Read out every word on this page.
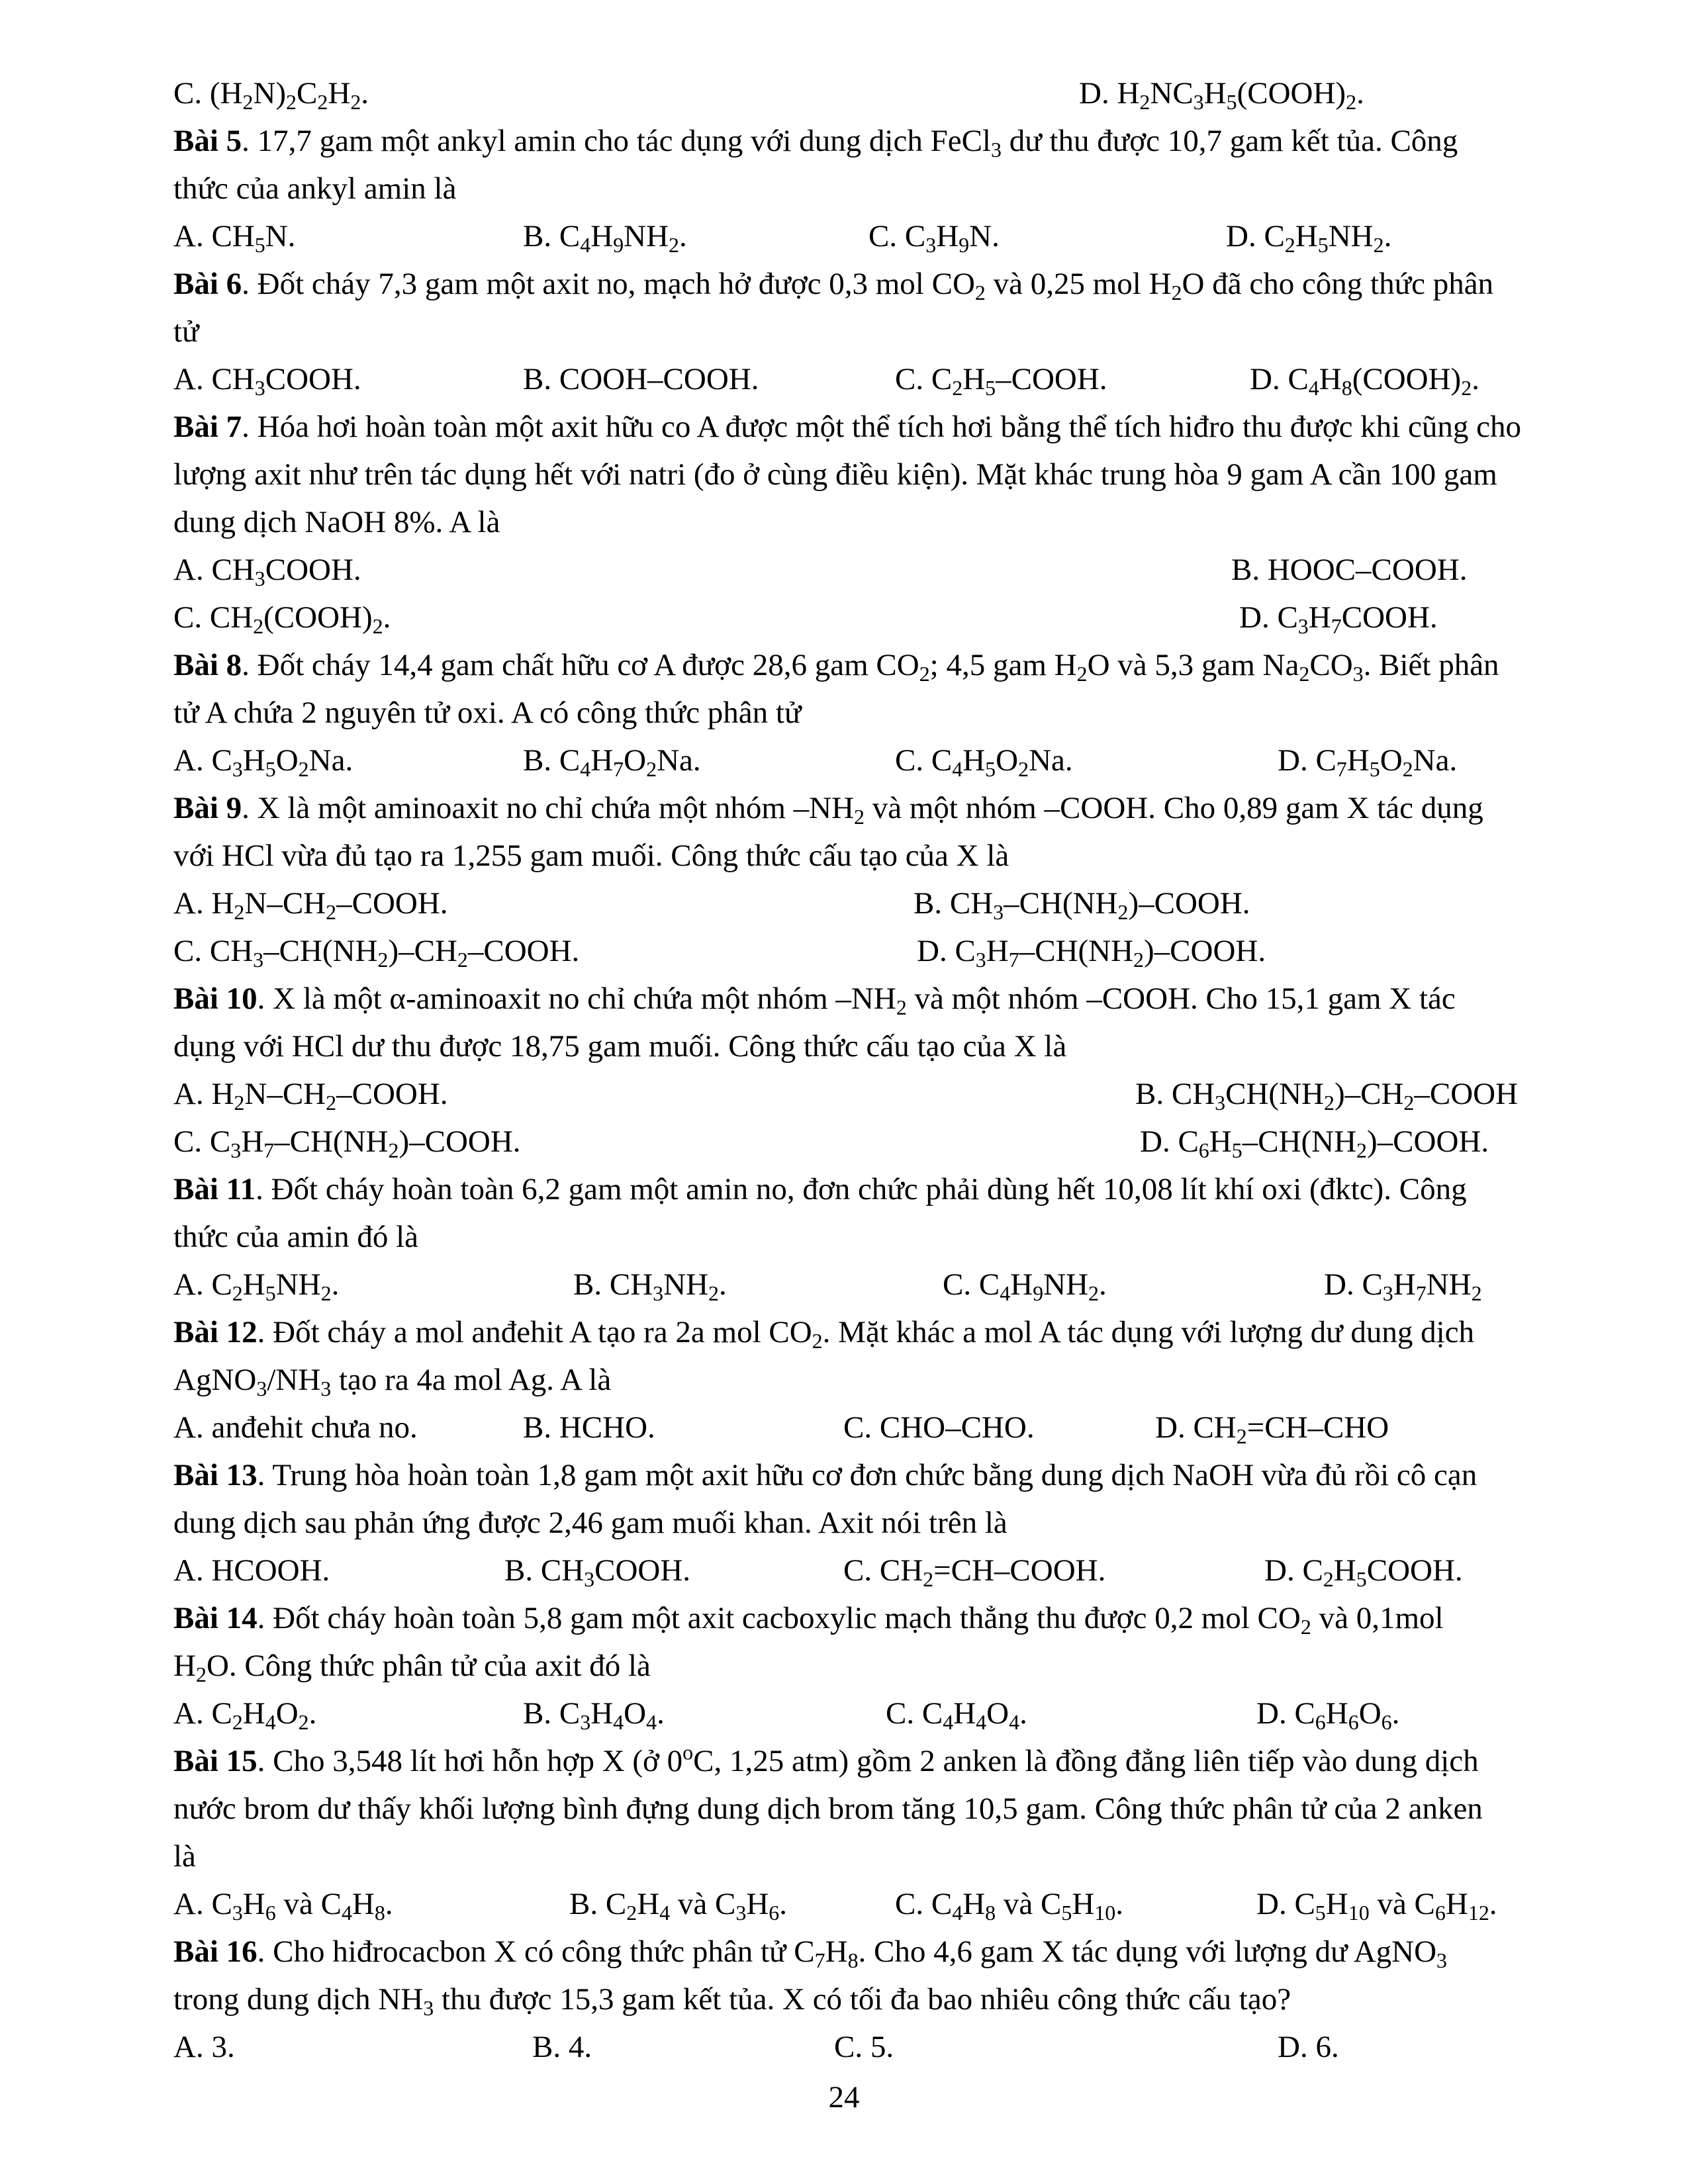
C. $(H_2N)_2C_2H_2$.	D. $H_2NC_3H_5(COOH)_2$.
Bài 5. 17,7 gam một ankyl amin cho tác dụng với dung dịch FeCl$_3$ dư thu được 10,7 gam kết tủa. Công
thức của ankyl amin là
A. $CH_5N$.	B. $C_4H_9NH_2$.	C. $C_3H_9N$.	D. $C_2H_5NH_2$.
Bài 6. Đốt cháy 7,3 gam một axit no, mạch hở được 0,3 mol $CO_2$ và 0,25 mol $H_2O$ đã cho công thức phân
tử
A. $CH_3COOH$.	B. COOH–COOH.	C. $C_2H_5$–COOH.	D. $C_4H_8(COOH)_2$.
Bài 7. Hóa hơi hoàn toàn một axit hữu co A được một thể tích hơi bằng thể tích hiđro thu được khi cũng cho
lượng axit như trên tác dụng hết với natri (đo ở cùng điều kiện). Mặt khác trung hòa 9 gam A cần 100 gam
dung dịch NaOH 8%. A là
A. $CH_3COOH$.	B. HOOC–COOH.
C. $CH_2(COOH)_2$.	D. $C_3H_7COOH$.
Bài 8. Đốt cháy 14,4 gam chất hữu cơ A được 28,6 gam $CO_2$; 4,5 gam $H_2O$ và 5,3 gam $Na_2CO_3$. Biết phân
tử A chứa 2 nguyên tử oxi. A có công thức phân tử
A. $C_3H_5O_2Na$.	B. $C_4H_7O_2Na$.	C. $C_4H_5O_2Na$.	D. $C_7H_5O_2Na$.
Bài 9. X là một aminoaxit no chỉ chứa một nhóm $-NH_2$ và một nhóm –COOH. Cho 0,89 gam X tác dụng
với HCl vừa đủ tạo ra 1,255 gam muối. Công thức cấu tạo của X là
A. $H_2N-CH_2$–COOH.	B. $CH_3-CH(NH_2)$–COOH.
C. $CH_3-CH(NH_2)-CH_2$–COOH.	D. $C_3H_7-CH(NH_2)$–COOH.
Bài 10. X là một α-aminoaxit no chỉ chứa một nhóm $-NH_2$ và một nhóm –COOH. Cho 15,1 gam X tác
dụng với HCl dư thu được 18,75 gam muối. Công thức cấu tạo của X là
A. $H_2N-CH_2$–COOH.	B. $CH_3CH(NH_2)-CH_2$–COOH
C. $C_3H_7-CH(NH_2)$–COOH.	D. $C_6H_5-CH(NH_2)$–COOH.
Bài 11. Đốt cháy hoàn toàn 6,2 gam một amin no, đơn chức phải dùng hết 10,08 lít khí oxi (đktc). Công
thức của amin đó là
A. $C_2H_5NH_2$.	B. $CH_3NH_2$.	C. $C_4H_9NH_2$.	D. $C_3H_7NH_2$
Bài 12. Đốt cháy a mol anđehit A tạo ra 2a mol $CO_2$. Mặt khác a mol A tác dụng với lượng dư dung dịch
$AgNO_3/NH_3$ tạo ra 4a mol Ag. A là
A. anđehit chưa no.	B. HCHO.	C. CHO–CHO.	D. $CH_2=CH$–CHO
Bài 13. Trung hòa hoàn toàn 1,8 gam một axit hữu cơ đơn chức bằng dung dịch NaOH vừa đủ rồi cô cạn
dung dịch sau phản ứng được 2,46 gam muối khan. Axit nói trên là
A. HCOOH.	B. $CH_3COOH$.	C. $CH_2=CH$–COOH.	D. $C_2H_5COOH$.
Bài 14. Đốt cháy hoàn toàn 5,8 gam một axit cacboxylic mạch thẳng thu được 0,2 mol $CO_2$ và 0,1mol
$H_2O$. Công thức phân tử của axit đó là
A. $C_2H_4O_2$.	B. $C_3H_4O_4$.	C. $C_4H_4O_4$.	D. $C_6H_6O_6$.
Bài 15. Cho 3,548 lít hơi hỗn hợp X (ở 0$^o$C, 1,25 atm) gồm 2 anken là đồng đẳng liên tiếp vào dung dịch
nước brom dư thấy khối lượng bình đựng dung dịch brom tăng 10,5 gam. Công thức phân tử của 2 anken
là
A. $C_3H_6$ và $C_4H_8$.	B. $C_2H_4$ và $C_3H_6$.	C. $C_4H_8$ và $C_5H_{10}$.	D. $C_5H_{10}$ và $C_6H_{12}$.
Bài 16. Cho hiđrocacbon X có công thức phân tử $C_7H_8$. Cho 4,6 gam X tác dụng với lượng dư AgNO$_3$
trong dung dịch $NH_3$ thu được 15,3 gam kết tủa. X có tối đa bao nhiêu công thức cấu tạo?
A. 3.	B. 4.	C. 5.	D. 6.
24
